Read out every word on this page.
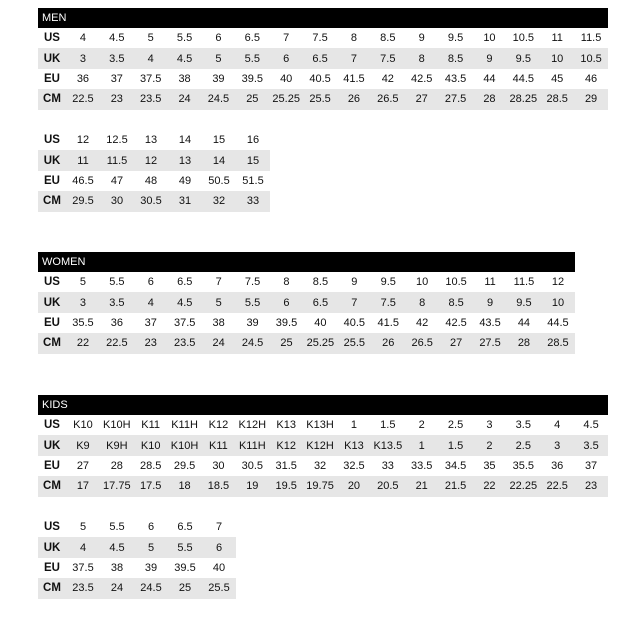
MEN
US	4	4.5	5	5.5	6	6.5	7	7.5	8	8.5	9	9.5	10	10.5	11	11.5
UK	3	3.5	4	4.5	5	5.5	6	6.5	7	7.5	8	8.5	9	9.5	10	10.5
EU	36	37	37.5	38	39	39.5	40	40.5	41.5	42	42.5	43.5	44	44.5	45	46
CM	22.5	23	23.5	24	24.5	25	25.25	25.5	26	26.5	27	27.5	28	28.25	28.5	29
US	12	12.5	13	14	15	16
UK	11	11.5	12	13	14	15
EU	46.5	47	48	49	50.5	51.5
CM	29.5	30	30.5	31	32	33
WOMEN
US	5	5.5	6	6.5	7	7.5	8	8.5	9	9.5	10	10.5	11	11.5	12
UK	3	3.5	4	4.5	5	5.5	6	6.5	7	7.5	8	8.5	9	9.5	10
EU	35.5	36	37	37.5	38	39	39.5	40	40.5	41.5	42	42.5	43.5	44	44.5
CM	22	22.5	23	23.5	24	24.5	25	25.25	25.5	26	26.5	27	27.5	28	28.5
KIDS
US	K10	K10H	K11	K11H	K12	K12H	K13	K13H	1	1.5	2	2.5	3	3.5	4	4.5
UK	K9	K9H	K10	K10H	K11	K11H	K12	K12H	K13	K13.5	1	1.5	2	2.5	3	3.5
EU	27	28	28.5	29.5	30	30.5	31.5	32	32.5	33	33.5	34.5	35	35.5	36	37
CM	17	17.75	17.5	18	18.5	19	19.5	19.75	20	20.5	21	21.5	22	22.25	22.5	23
US	5	5.5	6	6.5	7
UK	4	4.5	5	5.5	6
EU	37.5	38	39	39.5	40
CM	23.5	24	24.5	25	25.5
